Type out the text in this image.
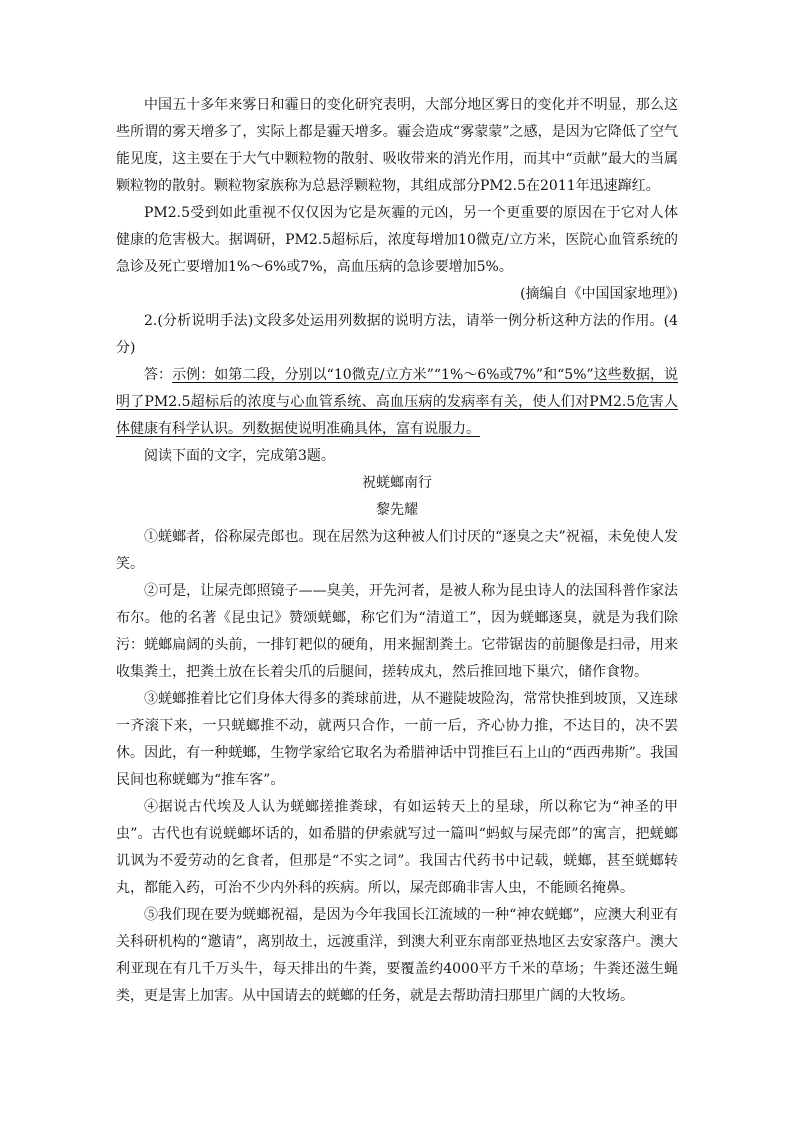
中国五十多年来雾日和霾日的变化研究表明，大部分地区雾日的变化并不明显，那么这些所谓的雾天增多了，实际上都是霾天增多。霾会造成“雾蒙蒙”之感，是因为它降低了空气能见度，这主要在于大气中颗粒物的散射、吸收带来的消光作用，而其中“贡献”最大的当属颗粒物的散射。颗粒物家族称为总悬浮颗粒物，其组成部分PM2.5在2011年迅速蹿红。

PM2.5受到如此重视不仅仅因为它是灰霾的元凶，另一个更重要的原因在于它对人体健康的危害极大。据调研，PM2.5超标后，浓度每增加10微克/立方米，医院心血管系统的急诊及死亡要增加1%～6%或7%，高血压病的急诊要增加5%。

(摘编自《中国国家地理》)

2.(分析说明手法)文段多处运用列数据的说明方法，请举一例分析这种方法的作用。(4分)

答：示例：如第二段，分别以“10微克/立方米”“1%～6%或7%”和“5%”这些数据，说明了PM2.5超标后的浓度与心血管系统、高血压病的发病率有关，使人们对PM2.5危害人体健康有科学认识。列数据使说明准确具体，富有说服力。

阅读下面的文字，完成第3题。

祝蜣螂南行

黎先耀

①蜣螂者，俗称屎壳郎也。现在居然为这种被人们讨厌的“逐臭之夫”祝福，未免使人发笑。

②可是，让屎壳郎照镜子——臭美，开先河者，是被人称为昆虫诗人的法国科普作家法布尔。他的名著《昆虫记》赞颂蜣螂，称它们为“清道工”，因为蜣螂逐臭，就是为我们除污：蜣螂扁阔的头前，一排钉耙似的硬角，用来掘割粪土。它带锯齿的前腿像是扫帚，用来收集粪土，把粪土放在长着尖爪的后腿间，搓转成丸，然后推回地下巢穴，储作食物。

③蜣螂推着比它们身体大得多的粪球前进，从不避陡坡险沟，常常快推到坡顶，又连球一齐滚下来，一只蜣螂推不动，就两只合作，一前一后，齐心协力推，不达目的，决不罢休。因此，有一种蜣螂，生物学家给它取名为希腊神话中罚推巨石上山的“西西弗斯”。我国民间也称蜣螂为“推车客”。

④据说古代埃及人认为蜣螂搓推粪球，有如运转天上的星球，所以称它为“神圣的甲虫”。古代也有说蜣螂坏话的，如希腊的伊索就写过一篇叫“蚂蚁与屎壳郎”的寓言，把蜣螂讥讽为不爱劳动的乞食者，但那是“不实之词”。我国古代药书中记载，蜣螂，甚至蜣螂转丸，都能入药，可治不少内外科的疾病。所以，屎壳郎确非害人虫，不能顾名掩鼻。

⑤我们现在要为蜣螂祝福，是因为今年我国长江流域的一种“神农蜣螂”，应澳大利亚有关科研机构的“邀请”，离别故土，远渡重洋，到澳大利亚东南部亚热地区去安家落户。澳大利亚现在有几千万头牛，每天排出的牛粪，要覆盖约4000平方千米的草场；牛粪还滋生蝇类，更是害上加害。从中国请去的蜣螂的任务，就是去帮助清扫那里广阔的大牧场。
